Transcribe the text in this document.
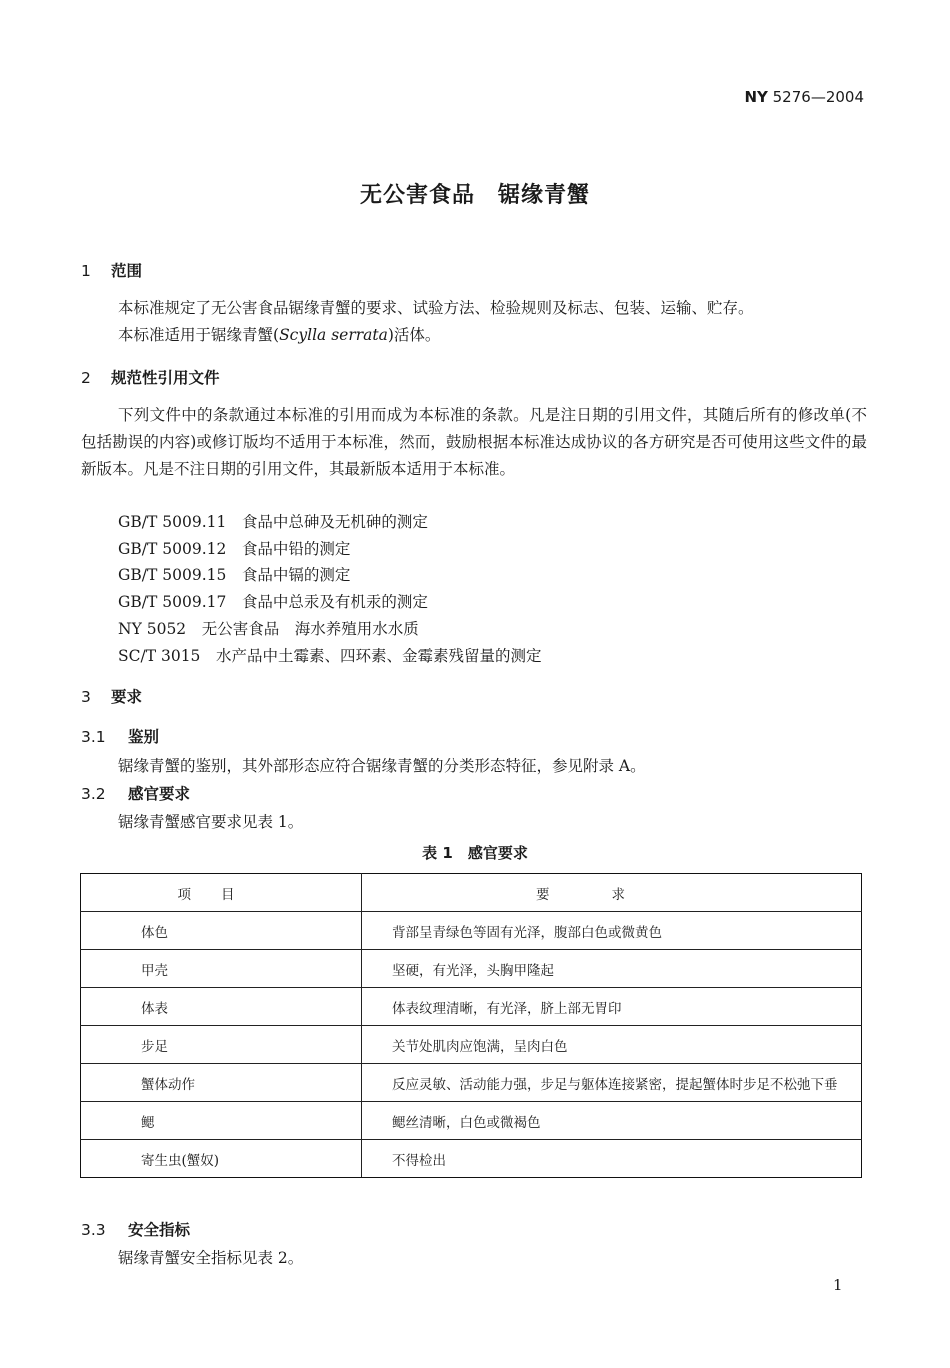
NY 5276—2004
无公害食品　锯缘青蟹
1 范围
本标准规定了无公害食品锯缘青蟹的要求、试验方法、检验规则及标志、包装、运输、贮存。
本标准适用于锯缘青蟹(Scylla serrata)活体。
2 规范性引用文件
下列文件中的条款通过本标准的引用而成为本标准的条款。凡是注日期的引用文件，其随后所有的修改单(不包括勘误的内容)或修订版均不适用于本标准，然而，鼓励根据本标准达成协议的各方研究是否可使用这些文件的最新版本。凡是不注日期的引用文件，其最新版本适用于本标准。
GB/T 5009.11　 食品中总砷及无机砷的测定
GB/T 5009.12　 食品中铅的测定
GB/T 5009.15　 食品中镉的测定
GB/T 5009.17　 食品中总汞及有机汞的测定
NY 5052　 无公害食品　海水养殖用水水质
SC/T 3015　 水产品中土霉素、四环素、金霉素残留量的测定
3 要求
3.1 鉴别
锯缘青蟹的鉴别，其外部形态应符合锯缘青蟹的分类形态特征，参见附录 A。
3.2 感官要求
锯缘青蟹感官要求见表 1。
表 1　感官要求
项目	要求
体色	背部呈青绿色等固有光泽，腹部白色或微黄色
甲壳	坚硬，有光泽，头胸甲隆起
体表	体表纹理清晰，有光泽，脐上部无胃印
步足	关节处肌肉应饱满，呈肉白色
蟹体动作	反应灵敏、活动能力强，步足与躯体连接紧密，提起蟹体时步足不松弛下垂
鳃	鳃丝清晰，白色或微褐色
寄生虫(蟹奴)	不得检出
3.3 安全指标
锯缘青蟹安全指标见表 2。
1
